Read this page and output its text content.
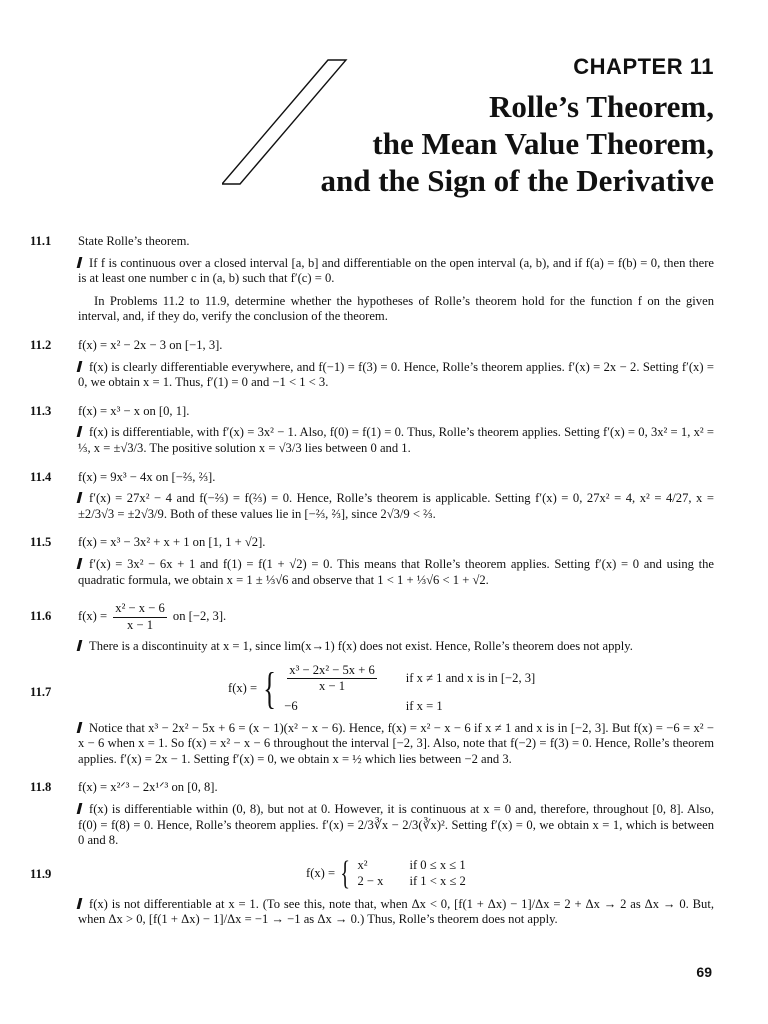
CHAPTER 11
Rolle’s Theorem,
the Mean Value Theorem,
and the Sign of the Derivative
11.1 State Rolle’s theorem.
If f is continuous over a closed interval [a, b] and differentiable on the open interval (a, b), and if f(a) = f(b) = 0, then there is at least one number c in (a, b) such that f′(c) = 0.
In Problems 11.2 to 11.9, determine whether the hypotheses of Rolle’s theorem hold for the function f on the given interval, and, if they do, verify the conclusion of the theorem.
11.2 f(x) = x² − 2x − 3 on [−1, 3].
f(x) is clearly differentiable everywhere, and f(−1) = f(3) = 0. Hence, Rolle’s theorem applies. f′(x) = 2x − 2. Setting f′(x) = 0, we obtain x = 1. Thus, f′(1) = 0 and −1 < 1 < 3.
11.3 f(x) = x³ − x on [0, 1].
f(x) is differentiable, with f′(x) = 3x² − 1. Also, f(0) = f(1) = 0. Thus, Rolle’s theorem applies. Setting f′(x) = 0, 3x² = 1, x² = ⅓, x = ±√3/3. The positive solution x = √3/3 lies between 0 and 1.
11.4 f(x) = 9x³ − 4x on [−⅔, ⅔].
f′(x) = 27x² − 4 and f(−⅔) = f(⅔) = 0. Hence, Rolle’s theorem is applicable. Setting f′(x) = 0, 27x² = 4, x² = 4/27, x = ±2/3√3 = ±2√3/9. Both of these values lie in [−⅔, ⅔], since 2√3/9 < ⅔.
11.5 f(x) = x³ − 3x² + x + 1 on [1, 1 + √2].
f′(x) = 3x² − 6x + 1 and f(1) = f(1 + √2) = 0. This means that Rolle’s theorem applies. Setting f′(x) = 0 and using the quadratic formula, we obtain x = 1 ± ⅓√6 and observe that 1 < 1 + ⅓√6 < 1 + √2.
11.6 $f(x) = \frac{\text{x² − x − 6}}{x - 1}$ on [−2, 3].
There is a discontinuity at x = 1, since lim(x→1) f(x) does not exist. Hence, Rolle’s theorem does not apply.
11.7	f(x) = { $\frac{\text{x³ − 2x² − 5x + 6}}{x - 1}$ if x ≠ 1 and x is in [−2, 3]
−6	if x = 1
Notice that x³ − 2x² − 5x + 6 = (x − 1)(x² − x − 6). Hence, f(x) = x² − x − 6 if x ≠ 1 and x is in [−2, 3]. But f(x) = −6 = x² − x − 6 when x = 1. So f(x) = x² − x − 6 throughout the interval [−2, 3]. Also, note that f(−2) = f(3) = 0. Hence, Rolle’s theorem applies. f′(x) = 2x − 1. Setting f′(x) = 0, we obtain x = ½ which lies between −2 and 3.
11.8 f(x) = x²ᐟ³ − 2x¹ᐟ³ on [0, 8].
f(x) is differentiable within (0, 8), but not at 0. However, it is continuous at x = 0 and, therefore, throughout [0, 8]. Also, f(0) = f(8) = 0. Hence, Rolle’s theorem applies. f′(x) = 2/3∛x − 2/3(∛x)². Setting f′(x) = 0, we obtain x = 1, which is between 0 and 8.
11.9	f(x) = { x²	if 0 ≤ x ≤ 1
2 − x if 1 < x ≤ 2
f(x) is not differentiable at x = 1. (To see this, note that, when Δx < 0, [f(1 + Δx) − 1]/Δx = 2 + Δx → 2 as Δx → 0. But, when Δx > 0, [f(1 + Δx) − 1]/Δx = −1 → −1 as Δx → 0.) Thus, Rolle’s theorem does not apply.
69
